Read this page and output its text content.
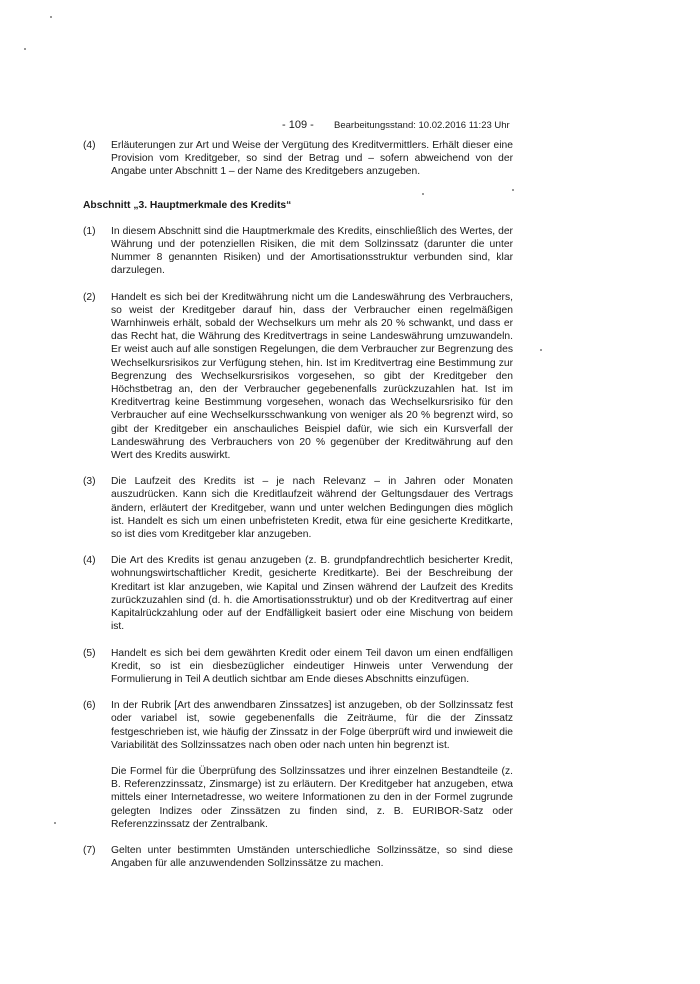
- 109 - Bearbeitungsstand: 10.02.2016 11:23 Uhr
(4)	Erläuterungen zur Art und Weise der Vergütung des Kreditvermittlers. Erhält dieser eine Provision vom Kreditgeber, so sind der Betrag und – sofern abweichend von der Angabe unter Abschnitt 1 – der Name des Kreditgebers anzugeben.

Abschnitt „3. Hauptmerkmale des Kredits“
(1)	In diesem Abschnitt sind die Hauptmerkmale des Kredits, einschließlich des Wertes, der Währung und der potenziellen Risiken, die mit dem Sollzinssatz (darunter die unter Nummer 8 genannten Risiken) und der Amortisationsstruktur verbunden sind, klar darzulegen.

(2)	Handelt es sich bei der Kreditwährung nicht um die Landeswährung des Verbrauchers, so weist der Kreditgeber darauf hin, dass der Verbraucher einen regelmäßigen Warnhinweis erhält, sobald der Wechselkurs um mehr als 20 % schwankt, und dass er das Recht hat, die Währung des Kreditvertrags in seine Landeswährung umzuwandeln. Er weist auch auf alle sonstigen Regelungen, die dem Verbraucher zur Begrenzung des Wechselkursrisikos zur Verfügung stehen, hin. Ist im Kreditvertrag eine Bestimmung zur Begrenzung des Wechselkursrisikos vorgesehen, so gibt der Kreditgeber den Höchstbetrag an, den der Verbraucher gegebenenfalls zurückzuzahlen hat. Ist im Kreditvertrag keine Bestimmung vorgesehen, wonach das Wechselkursrisiko für den Verbraucher auf eine Wechselkursschwankung von weniger als 20 % begrenzt wird, so gibt der Kreditgeber ein anschauliches Beispiel dafür, wie sich ein Kursverfall der Landeswährung des Verbrauchers von 20 % gegenüber der Kreditwährung auf den Wert des Kredits auswirkt.

(3)	Die Laufzeit des Kredits ist – je nach Relevanz – in Jahren oder Monaten auszudrücken. Kann sich die Kreditlaufzeit während der Geltungsdauer des Vertrags ändern, erläutert der Kreditgeber, wann und unter welchen Bedingungen dies möglich ist. Handelt es sich um einen unbefristeten Kredit, etwa für eine gesicherte Kreditkarte, so ist dies vom Kreditgeber klar anzugeben.

(4)	Die Art des Kredits ist genau anzugeben (z. B. grundpfandrechtlich besicherter Kredit, wohnungswirtschaftlicher Kredit, gesicherte Kreditkarte). Bei der Beschreibung der Kreditart ist klar anzugeben, wie Kapital und Zinsen während der Laufzeit des Kredits zurückzuzahlen sind (d. h. die Amortisationsstruktur) und ob der Kreditvertrag auf einer Kapitalrückzahlung oder auf der Endfälligkeit basiert oder eine Mischung von beidem ist.

(5)	Handelt es sich bei dem gewährten Kredit oder einem Teil davon um einen endfälligen Kredit, so ist ein diesbezüglicher eindeutiger Hinweis unter Verwendung der Formulierung in Teil A deutlich sichtbar am Ende dieses Abschnitts einzufügen.

(6)	In der Rubrik [Art des anwendbaren Zinssatzes] ist anzugeben, ob der Sollzinssatz fest oder variabel ist, sowie gegebenenfalls die Zeiträume, für die der Zinssatz festgeschrieben ist, wie häufig der Zinssatz in der Folge überprüft wird und inwieweit die Variabilität des Sollzinssatzes nach oben oder nach unten hin begrenzt ist.

Die Formel für die Überprüfung des Sollzinssatzes und ihrer einzelnen Bestandteile (z. B. Referenzzinssatz, Zinsmarge) ist zu erläutern. Der Kreditgeber hat anzugeben, etwa mittels einer Internetadresse, wo weitere Informationen zu den in der Formel zugrunde gelegten Indizes oder Zinssätzen zu finden sind, z. B. EURIBOR-Satz oder Referenzzinssatz der Zentralbank.

(7)	Gelten unter bestimmten Umständen unterschiedliche Sollzinssätze, so sind diese Angaben für alle anzuwendenden Sollzinssätze zu machen.
